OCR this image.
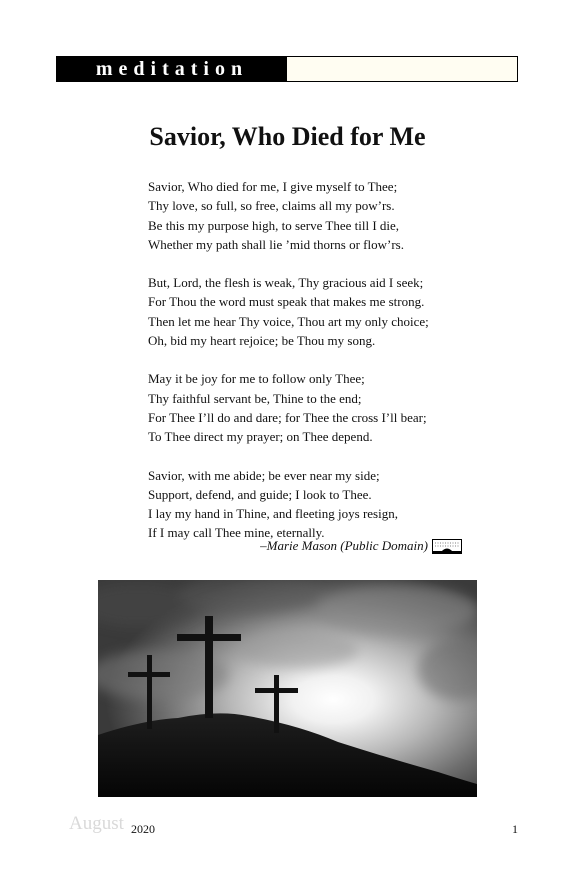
meditation
Savior, Who Died for Me
Savior, Who died for me, I give myself to Thee;
Thy love, so full, so free, claims all my pow’rs.
Be this my purpose high, to serve Thee till I die,
Whether my path shall lie ’mid thorns or flow’rs.
But, Lord, the flesh is weak, Thy gracious aid I seek;
For Thou the word must speak that makes me strong.
Then let me hear Thy voice, Thou art my only choice;
Oh, bid my heart rejoice; be Thou my song.
May it be joy for me to follow only Thee;
Thy faithful servant be, Thine to the end;
For Thee I’ll do and dare; for Thee the cross I’ll bear;
To Thee direct my prayer; on Thee depend.
Savior, with me abide; be ever near my side;
Support, defend, and guide; I look to Thee.
I lay my hand in Thine, and fleeting joys resign,
If I may call Thee mine, eternally.
–Marie Mason (Public Domain)
August 2020	1
